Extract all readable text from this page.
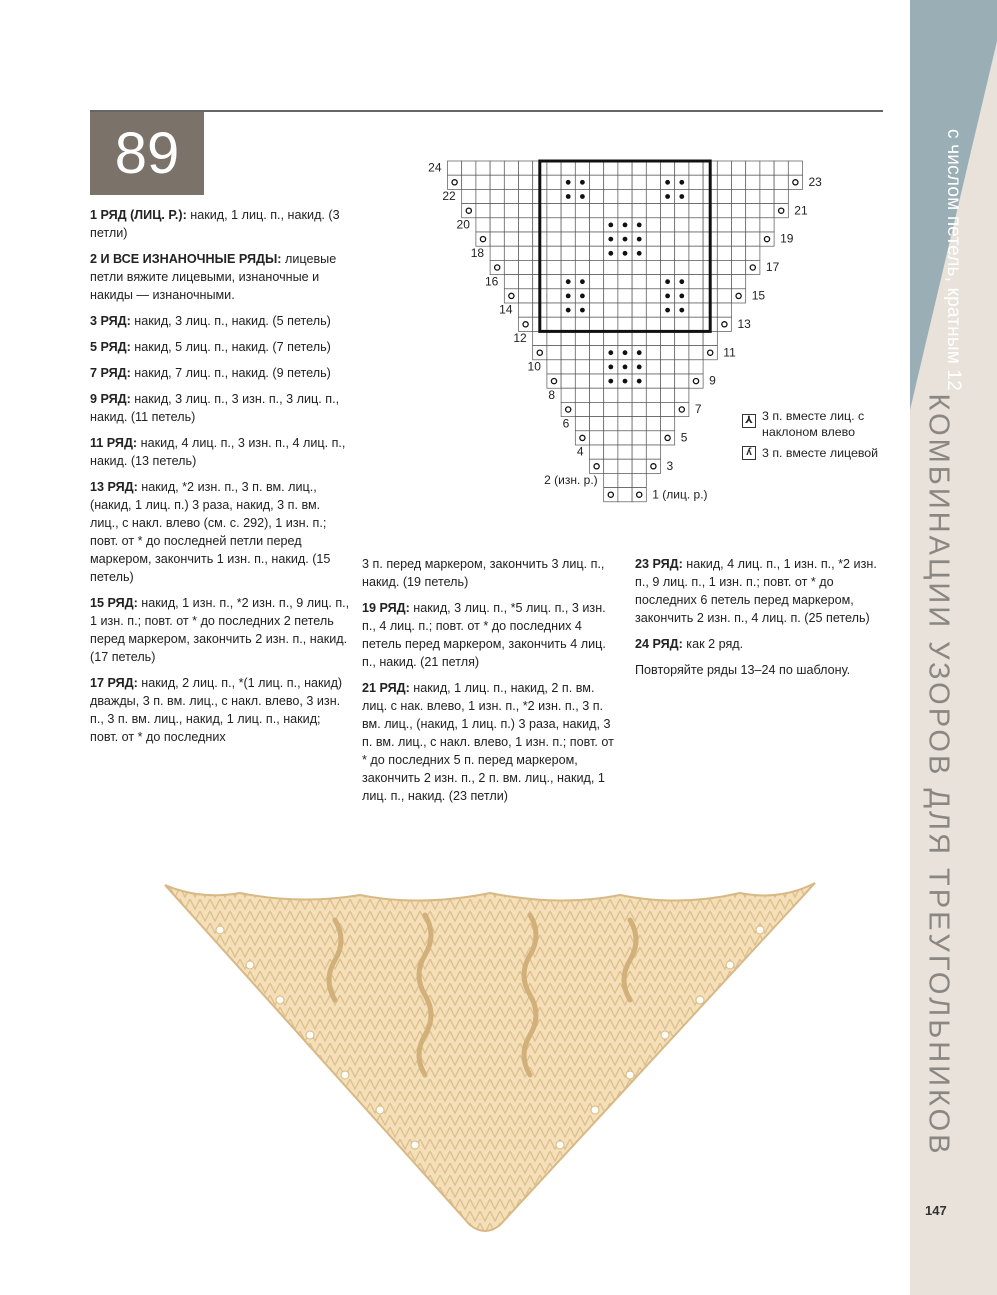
с числом петель, кратным 12
КОМБИНАЦИИ УЗОРОВ ДЛЯ ТРЕУГОЛЬНИКОВ
147
89

1 РЯД (ЛИЦ. Р.): накид, 1 лиц. п., накид. (3 петли)

2 И ВСЕ ИЗНАНОЧНЫЕ РЯДЫ: лицевые петли вяжите лицевыми, изнаночные и накиды — изнаночными.

3 РЯД: накид, 3 лиц. п., накид. (5 петель)

5 РЯД: накид, 5 лиц. п., накид. (7 петель)

7 РЯД: накид, 7 лиц. п., накид. (9 петель)

9 РЯД: накид, 3 лиц. п., 3 изн. п., 3 лиц. п., накид. (11 петель)

11 РЯД: накид, 4 лиц. п., 3 изн. п., 4 лиц. п., накид. (13 петель)

13 РЯД: накид, *2 изн. п., 3 п. вм. лиц., (накид, 1 лиц. п.) 3 раза, накид, 3 п. вм. лиц., с накл. влево (см. с. 292), 1 изн. п.; повт. от * до последней петли перед маркером, закончить 1 изн. п., накид. (15 петель)

15 РЯД: накид, 1 изн. п., *2 изн. п., 9 лиц. п., 1 изн. п.; повт. от * до последних 2 петель перед маркером, закончить 2 изн. п., накид. (17 петель)

17 РЯД: накид, 2 лиц. п., *(1 лиц. п., накид) дважды, 3 п. вм. лиц., с накл. влево, 3 изн. п., 3 п. вм. лиц., накид, 1 лиц. п., накид; повт. от * до последних

3 п. перед маркером, закончить 3 лиц. п., накид. (19 петель)

19 РЯД: накид, 3 лиц. п., *5 лиц. п., 3 изн. п., 4 лиц. п.; повт. от * до последних 4 петель перед маркером, закончить 4 лиц. п., накид. (21 петля)

21 РЯД: накид, 1 лиц. п., накид, 2 п. вм. лиц. с нак. влево, 1 изн. п., *2 изн. п., 3 п. вм. лиц., (накид, 1 лиц. п.) 3 раза, накид, 3 п. вм. лиц., с накл. влево, 1 изн. п.; повт. от * до последних 5 п. перед маркером, закончить 2 изн. п., 2 п. вм. лиц., накид, 1 лиц. п., накид. (23 петли)

23 РЯД: накид, 4 лиц. п., 1 изн. п., *2 изн. п., 9 лиц. п., 1 изн. п.; повт. от * до последних 6 петель перед маркером, закончить 2 изн. п., 4 лиц. п. (25 петель)

24 РЯД: как 2 ряд.

Повторяйте ряды 13–24 по шаблону.

24
22
20
18
16
14
12
10
8
6
4
2 (изн. р.)
23
21
19
17
15
13
11
9
7
5
3
1 (лиц. р.)
⅄ 3 п. вместе лиц. с наклоном влево
ʎ 3 п. вместе лицевой
